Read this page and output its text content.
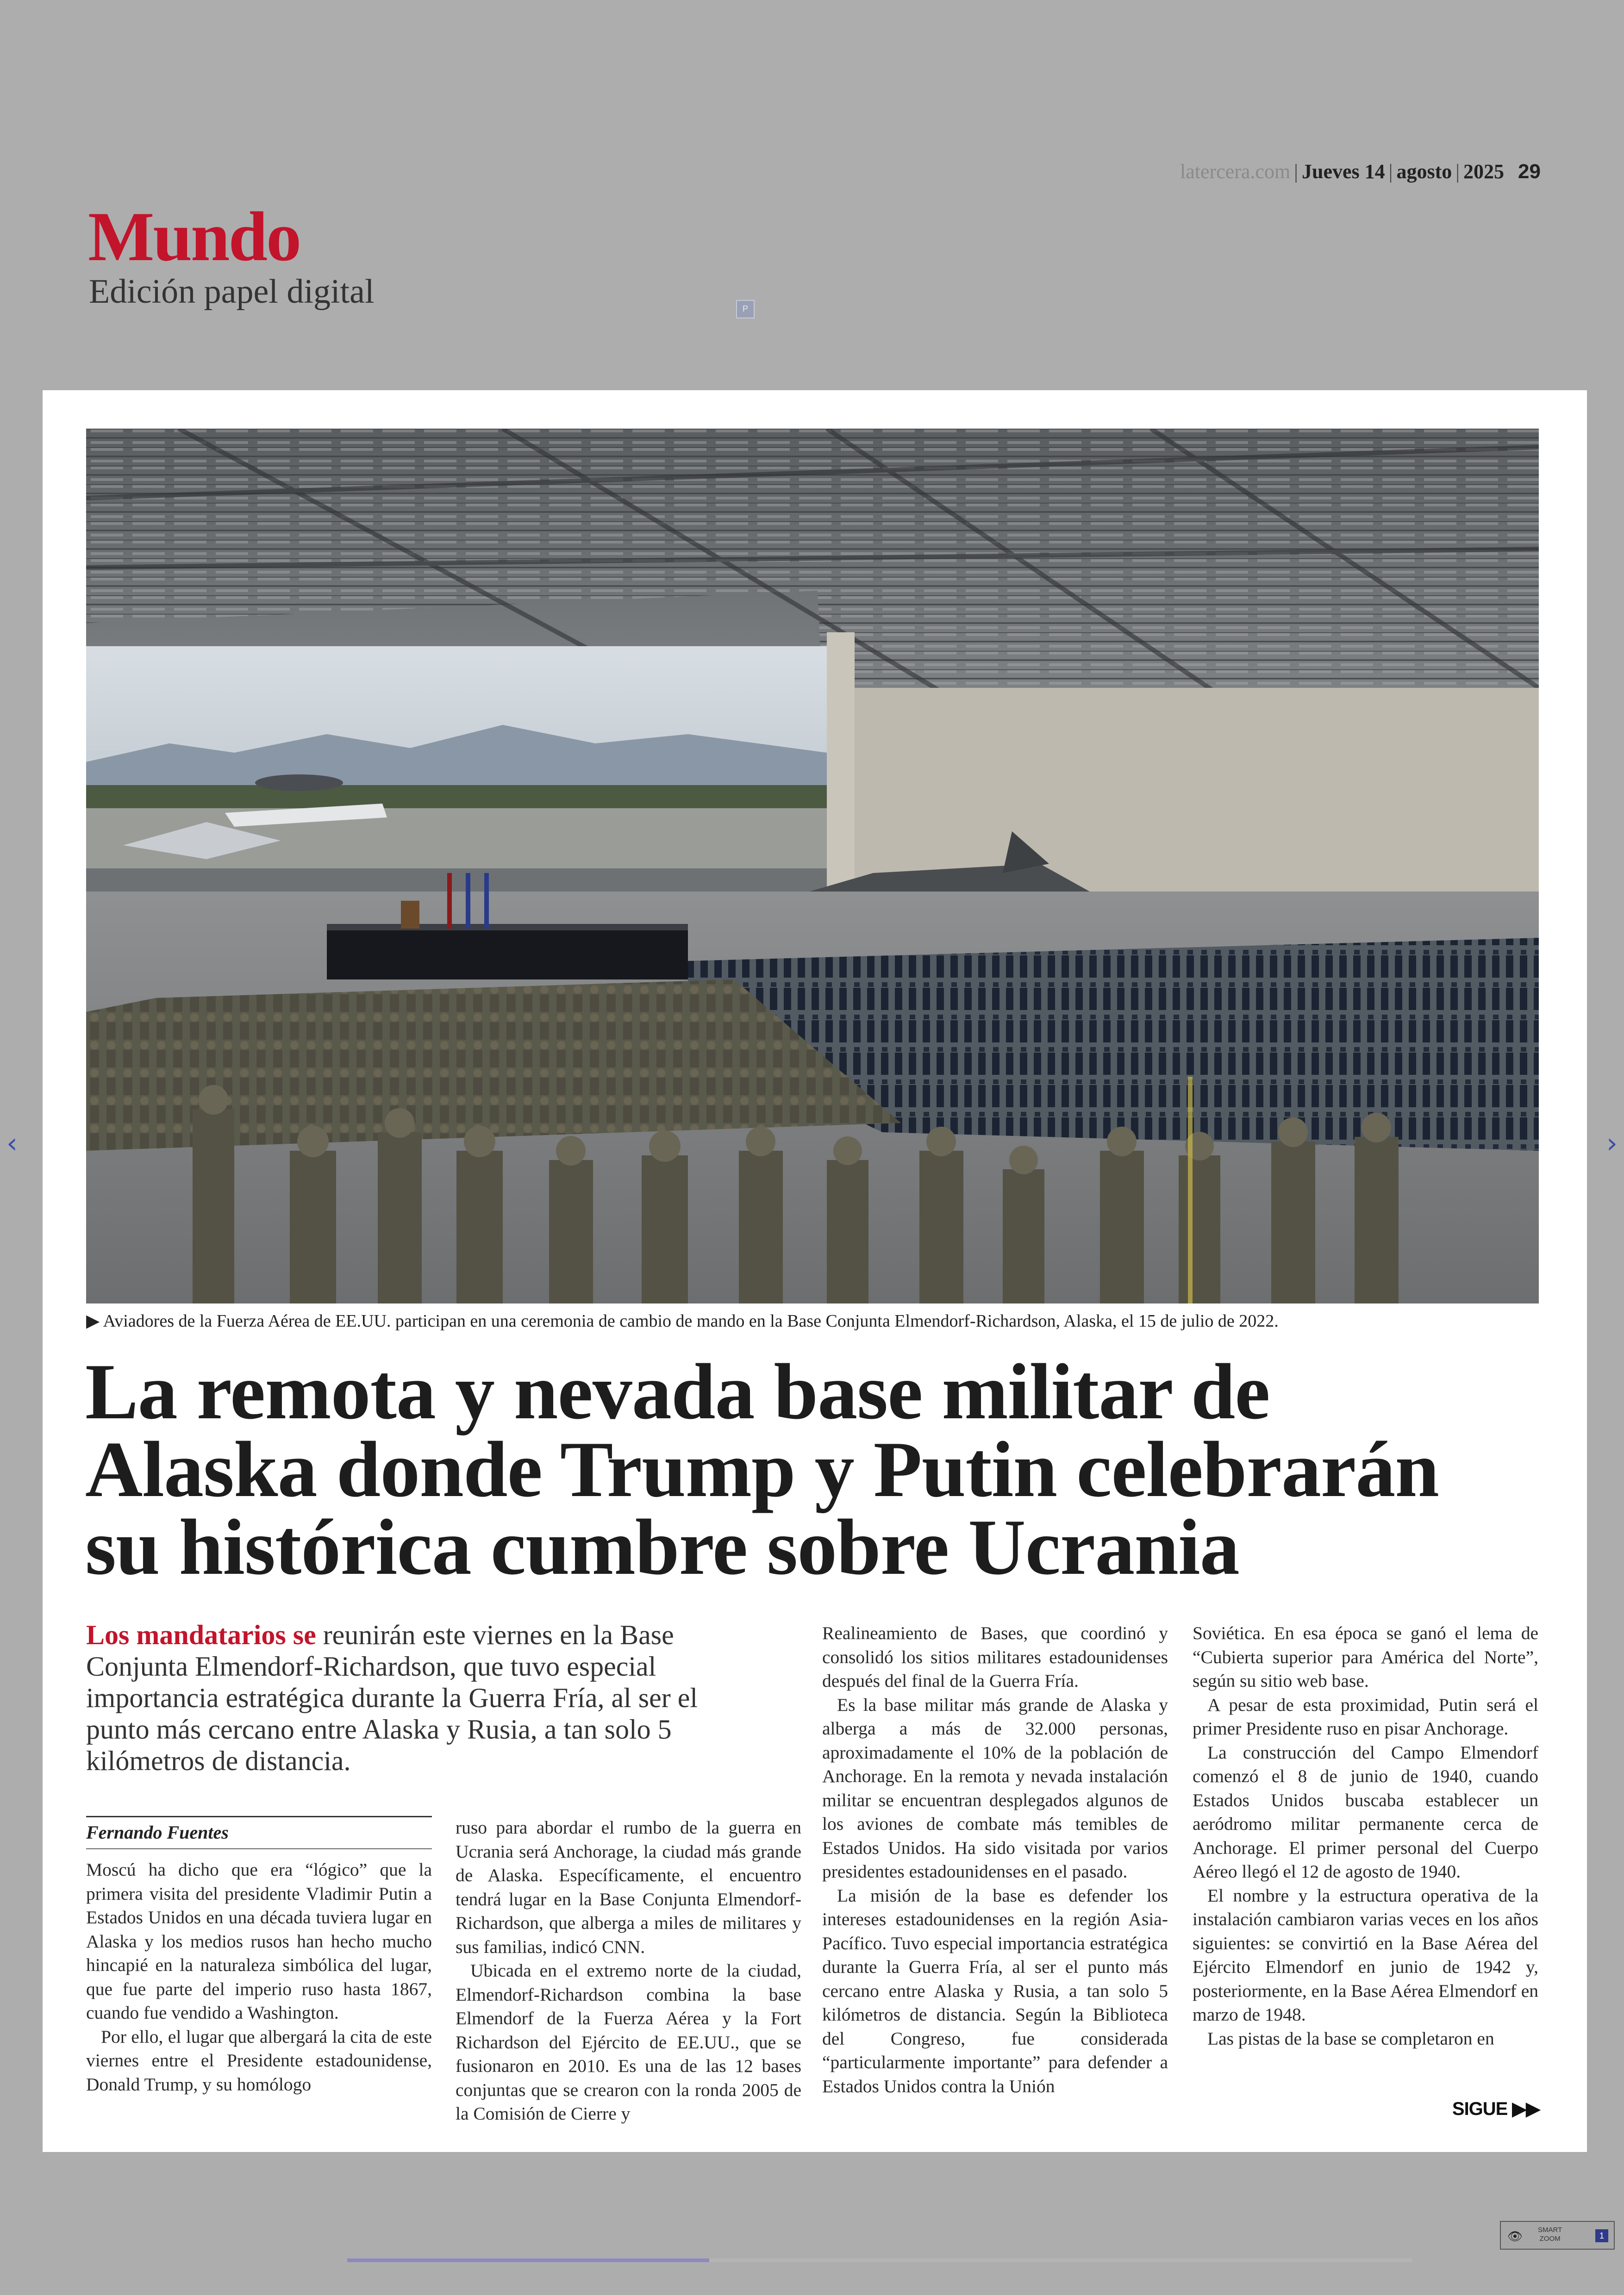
latercera.com | Jueves 14 | agosto | 2025 29
Mundo
Edición papel digital	P
▶ Aviadores de la Fuerza Aérea de EE.UU. participan en una ceremonia de cambio de mando en la Base Conjunta Elmendorf-Richardson, Alaska, el 15 de julio de 2022.
La remota y nevada base militar de
Alaska donde Trump y Putin celebrarán
su histórica cumbre sobre Ucrania
Los mandatarios se reunirán este viernes en la Base Conjunta Elmendorf-Richardson, que tuvo especial importancia estratégica durante la Guerra Fría, al ser el punto más cercano entre Alaska y Rusia, a tan solo 5 kilómetros de distancia.
Fernando Fuentes

Moscú ha dicho que era “lógico” que la primera visita del presidente Vladimir Putin a Estados Unidos en una década tuviera lugar en Alaska y los medios rusos han hecho mucho hincapié en la naturaleza simbólica del lugar, que fue parte del imperio ruso hasta 1867, cuando fue vendido a Washington.

Por ello, el lugar que albergará la cita de este viernes entre el Presidente estadounidense, Donald Trump, y su homólogo

ruso para abordar el rumbo de la guerra en Ucrania será Anchorage, la ciudad más grande de Alaska. Específicamente, el encuentro tendrá lugar en la Base Conjunta Elmendorf-Richardson, que alberga a miles de militares y sus familias, indicó CNN.

Ubicada en el extremo norte de la ciudad, Elmendorf-Richardson combina la base Elmendorf de la Fuerza Aérea y la Fort Richardson del Ejército de EE.UU., que se fusionaron en 2010. Es una de las 12 bases conjuntas que se crearon con la ronda 2005 de la Comisión de Cierre y

Realineamiento de Bases, que coordinó y consolidó los sitios militares estadounidenses después del final de la Guerra Fría.

Es la base militar más grande de Alaska y alberga a más de 32.000 personas, aproximadamente el 10% de la población de Anchorage. En la remota y nevada instalación militar se encuentran desplegados algunos de los aviones de combate más temibles de Estados Unidos. Ha sido visitada por varios presidentes estadounidenses en el pasado.

La misión de la base es defender los intereses estadounidenses en la región Asia-Pacífico. Tuvo especial importancia estratégica durante la Guerra Fría, al ser el punto más cercano entre Alaska y Rusia, a tan solo 5 kilómetros de distancia. Según la Biblioteca del Congreso, fue considerada “particularmente importante” para defender a Estados Unidos contra la Unión

Soviética. En esa época se ganó el lema de “Cubierta superior para América del Norte”, según su sitio web base.

A pesar de esta proximidad, Putin será el primer Presidente ruso en pisar Anchorage.

La construcción del Campo Elmendorf comenzó el 8 de junio de 1940, cuando Estados Unidos buscaba establecer un aeródromo militar permanente cerca de Anchorage. El primer personal del Cuerpo Aéreo llegó el 12 de agosto de 1940.

El nombre y la estructura operativa de la instalación cambiaron varias veces en los años siguientes: se convirtió en la Base Aérea del Ejército Elmendorf en junio de 1942 y, posteriormente, en la Base Aérea Elmendorf en marzo de 1948.

Las pistas de la base se completaron en

SIGUE ▶▶
‹	›
👁 SMART
ZOOM	1
